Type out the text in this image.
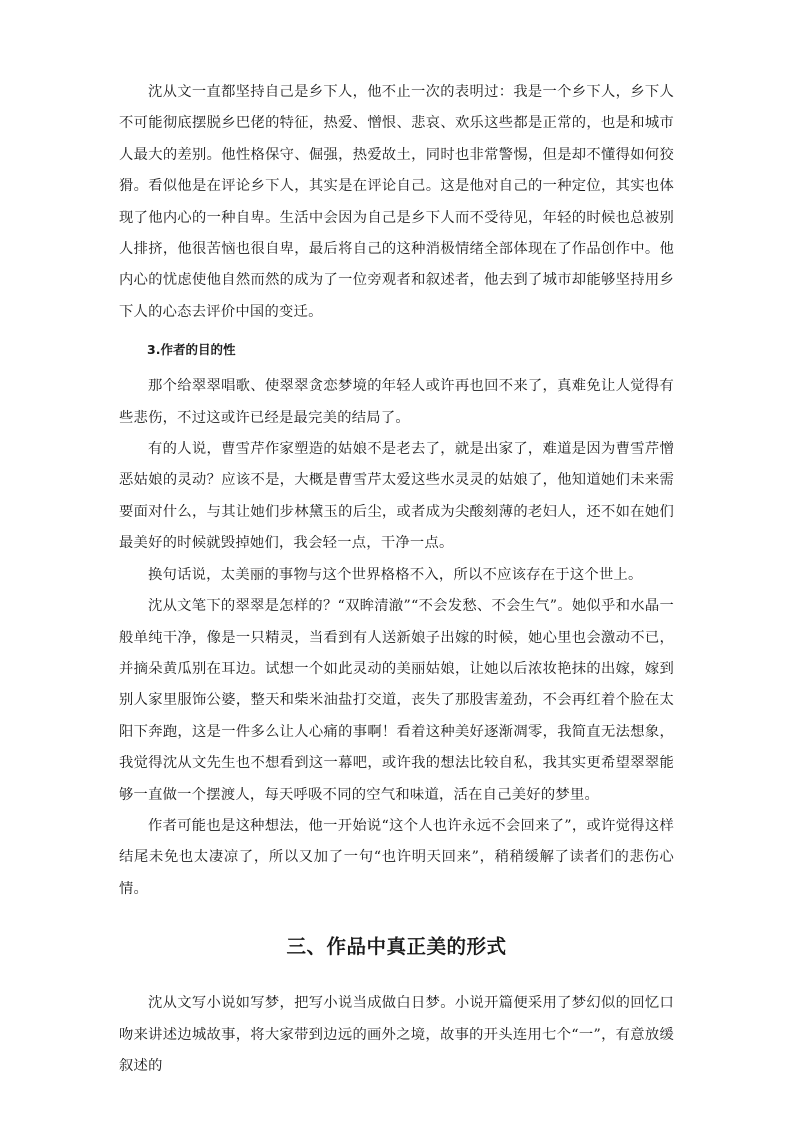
沈从文一直都坚持自己是乡下人，他不止一次的表明过：我是一个乡下人，乡下人不可能彻底摆脱乡巴佬的特征，热爱、憎恨、悲哀、欢乐这些都是正常的，也是和城市人最大的差别。他性格保守、倔强，热爱故土，同时也非常警惕，但是却不懂得如何狡猾。看似他是在评论乡下人，其实是在评论自己。这是他对自己的一种定位，其实也体现了他内心的一种自卑。生活中会因为自己是乡下人而不受待见，年轻的时候也总被别人排挤，他很苦恼也很自卑，最后将自己的这种消极情绪全部体现在了作品创作中。他内心的忧虑使他自然而然的成为了一位旁观者和叙述者，他去到了城市却能够坚持用乡下人的心态去评价中国的变迁。

3.作者的目的性

那个给翠翠唱歌、使翠翠贪恋梦境的年轻人或许再也回不来了，真难免让人觉得有些悲伤，不过这或许已经是最完美的结局了。

有的人说，曹雪芹作家塑造的姑娘不是老去了，就是出家了，难道是因为曹雪芹憎恶姑娘的灵动？应该不是，大概是曹雪芹太爱这些水灵灵的姑娘了，他知道她们未来需要面对什么，与其让她们步林黛玉的后尘，或者成为尖酸刻薄的老妇人，还不如在她们最美好的时候就毁掉她们，我会轻一点，干净一点。

换句话说，太美丽的事物与这个世界格格不入，所以不应该存在于这个世上。

沈从文笔下的翠翠是怎样的？“双眸清澈”“不会发愁、不会生气”。她似乎和水晶一般单纯干净，像是一只精灵，当看到有人送新娘子出嫁的时候，她心里也会激动不已，并摘朵黄瓜别在耳边。试想一个如此灵动的美丽姑娘，让她以后浓妆艳抹的出嫁，嫁到别人家里服饰公婆，整天和柴米油盐打交道，丧失了那股害羞劲，不会再红着个脸在太阳下奔跑，这是一件多么让人心痛的事啊！看着这种美好逐渐凋零，我简直无法想象，我觉得沈从文先生也不想看到这一幕吧，或许我的想法比较自私，我其实更希望翠翠能够一直做一个摆渡人，每天呼吸不同的空气和味道，活在自己美好的梦里。

作者可能也是这种想法，他一开始说“这个人也许永远不会回来了”，或许觉得这样结尾未免也太凄凉了，所以又加了一句“也许明天回来”，稍稍缓解了读者们的悲伤心情。

三、作品中真正美的形式

沈从文写小说如写梦，把写小说当成做白日梦。小说开篇便采用了梦幻似的回忆口吻来讲述边城故事，将大家带到边远的画外之境，故事的开头连用七个“一”，有意放缓叙述的
